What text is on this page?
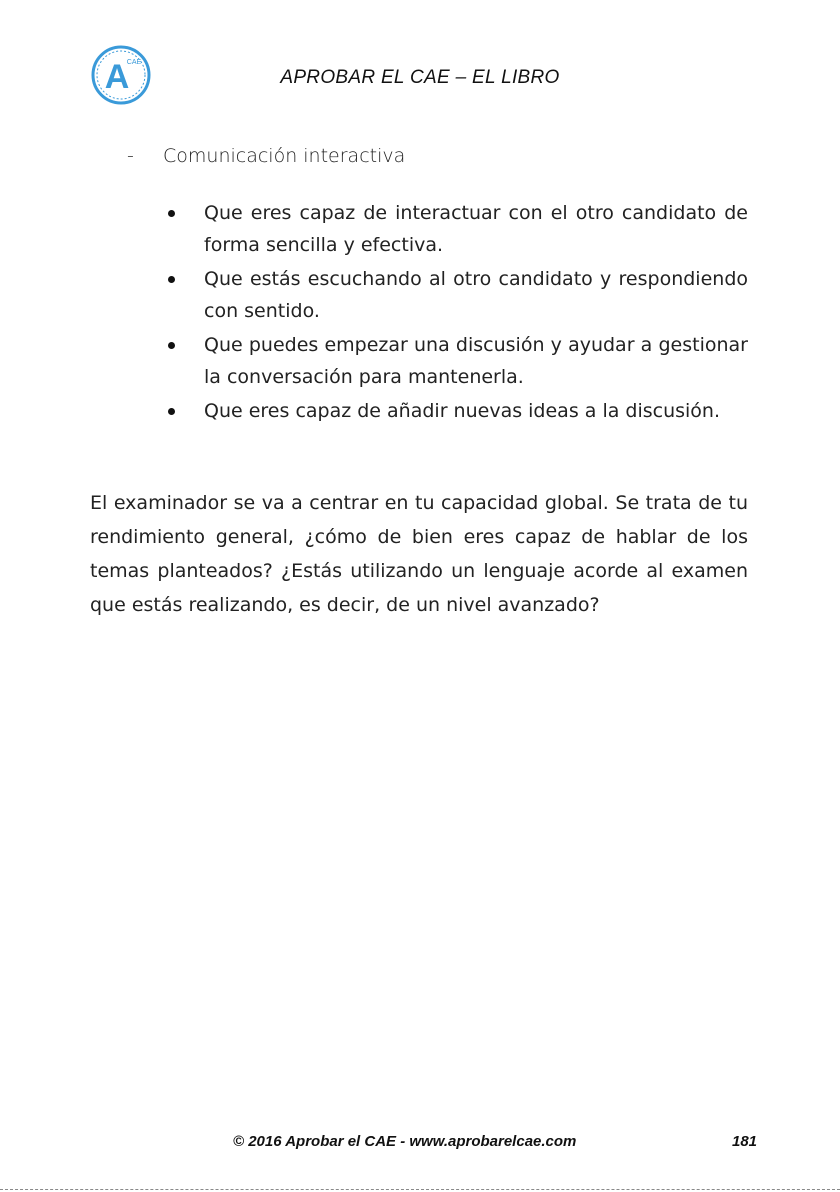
A
CAE
APROBAR EL CAE – EL LIBRO
- Comunicación interactiva
Que eres capaz de interactuar con el otro candidato de forma sencilla y efectiva.
Que estás escuchando al otro candidato y respondiendo con sentido.
Que puedes empezar una discusión y ayudar a gestionar la conversación para mantenerla.
Que eres capaz de añadir nuevas ideas a la discusión.

El examinador se va a centrar en tu capacidad global. Se trata de tu rendimiento general, ¿cómo de bien eres capaz de hablar de los temas planteados? ¿Estás utilizando un lenguaje acorde al examen que estás realizando, es decir, de un nivel avanzado?

© 2016 Aprobar el CAE - www.aprobarelcae.com	181
